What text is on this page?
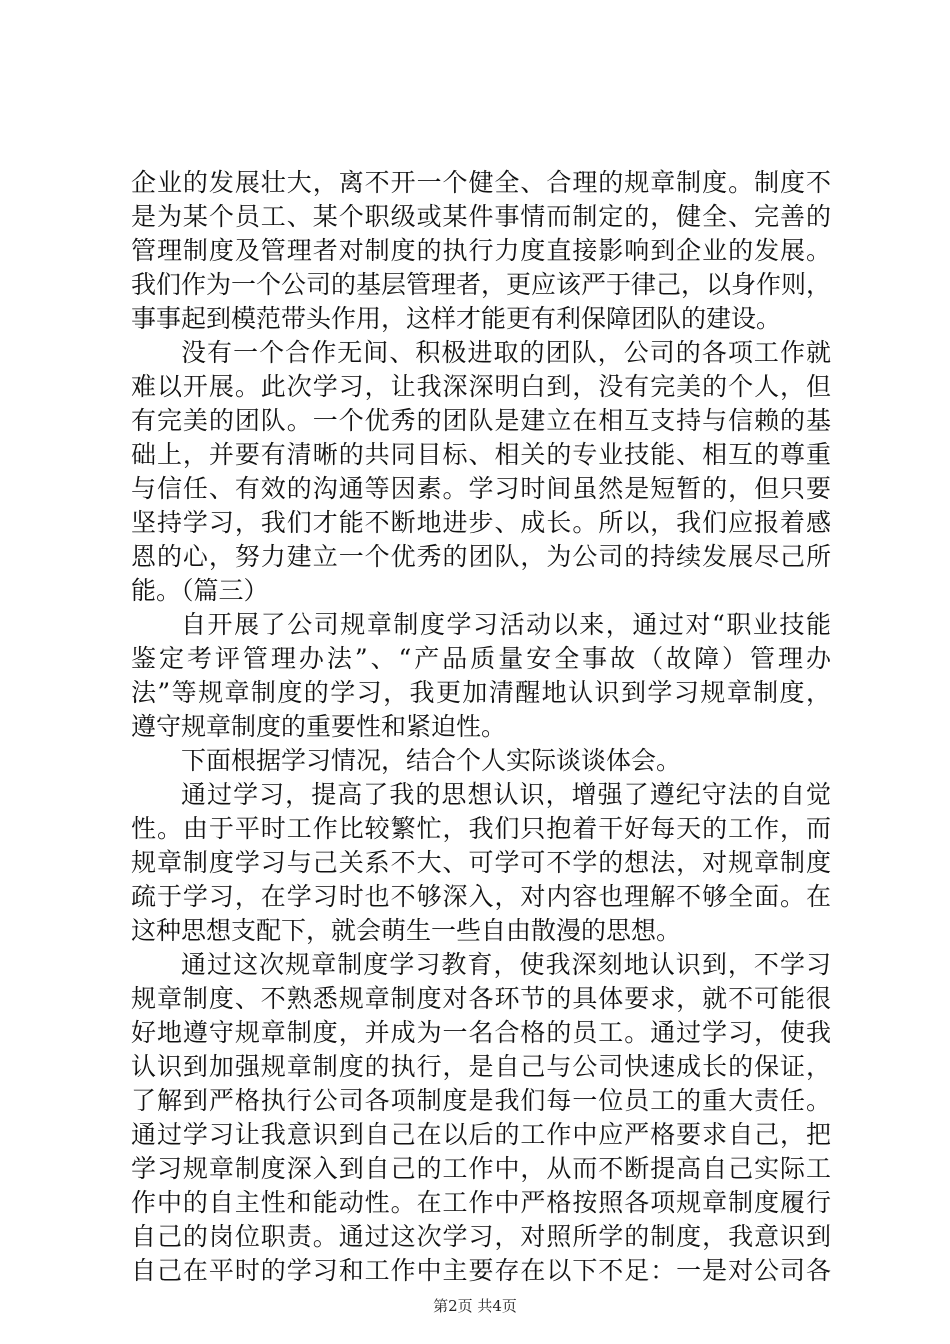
企业的发展壮大，离不开一个健全、合理的规章制度。制度不
是为某个员工、某个职级或某件事情而制定的，健全、完善的
管理制度及管理者对制度的执行力度直接影响到企业的发展。
我们作为一个公司的基层管理者，更应该严于律己，以身作则，
事事起到模范带头作用，这样才能更有利保障团队的建设。
没有一个合作无间、积极进取的团队，公司的各项工作就
难以开展。此次学习，让我深深明白到，没有完美的个人，但
有完美的团队。一个优秀的团队是建立在相互支持与信赖的基
础上，并要有清晰的共同目标、相关的专业技能、相互的尊重
与信任、有效的沟通等因素。学习时间虽然是短暂的，但只要
坚持学习，我们才能不断地进步、成长。所以，我们应报着感
恩的心，努力建立一个优秀的团队，为公司的持续发展尽己所
能。（篇三）
自开展了公司规章制度学习活动以来，通过对“职业技能
鉴定考评管理办法”、“产品质量安全事故（故障）管理办
法”等规章制度的学习，我更加清醒地认识到学习规章制度，
遵守规章制度的重要性和紧迫性。
下面根据学习情况，结合个人实际谈谈体会。
通过学习，提高了我的思想认识，增强了遵纪守法的自觉
性。由于平时工作比较繁忙，我们只抱着干好每天的工作，而
规章制度学习与己关系不大、可学可不学的想法，对规章制度
疏于学习，在学习时也不够深入，对内容也理解不够全面。在
这种思想支配下，就会萌生一些自由散漫的思想。
通过这次规章制度学习教育，使我深刻地认识到，不学习
规章制度、不熟悉规章制度对各环节的具体要求，就不可能很
好地遵守规章制度，并成为一名合格的员工。通过学习，使我
认识到加强规章制度的执行，是自己与公司快速成长的保证，
了解到严格执行公司各项制度是我们每一位员工的重大责任。
通过学习让我意识到自己在以后的工作中应严格要求自己，把
学习规章制度深入到自己的工作中，从而不断提高自己实际工
作中的自主性和能动性。在工作中严格按照各项规章制度履行
自己的岗位职责。通过这次学习，对照所学的制度，我意识到
自己在平时的学习和工作中主要存在以下不足：一是对公司各
第2页 共4页
